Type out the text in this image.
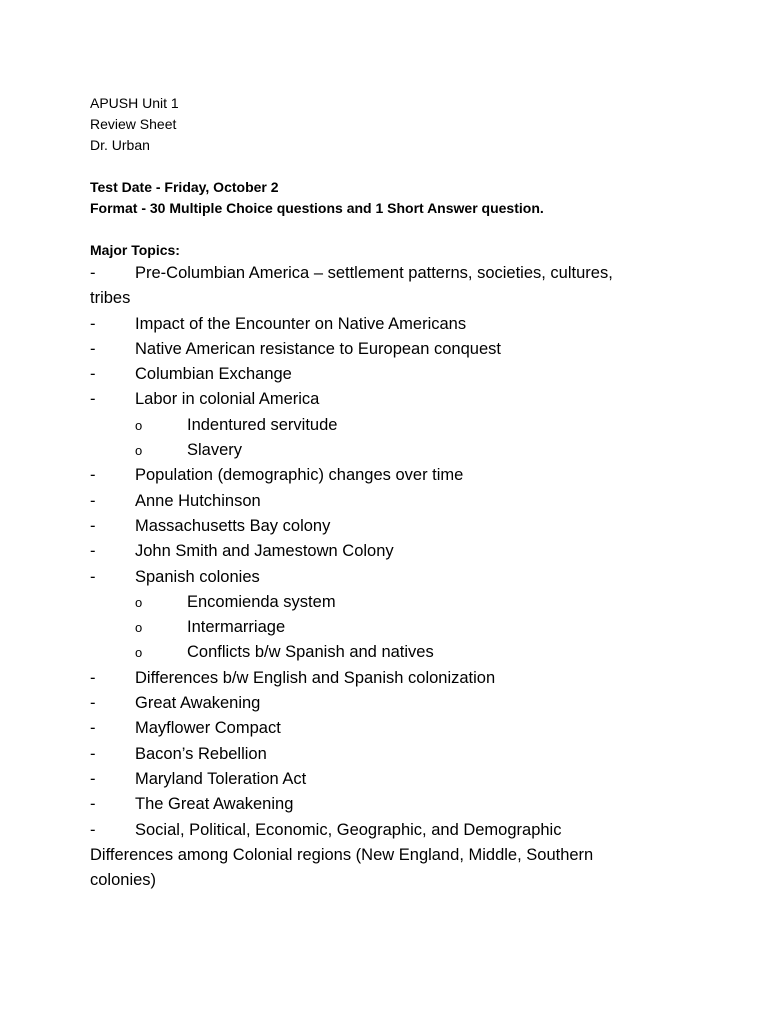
APUSH Unit 1
Review Sheet
Dr. Urban
Test Date - Friday, October 2
Format - 30 Multiple Choice questions and 1 Short Answer question.
Major Topics:
- Pre-Columbian America – settlement patterns, societies, cultures,
tribes
- Impact of the Encounter on Native Americans
- Native American resistance to European conquest
- Columbian Exchange
- Labor in colonial America
o	Indentured servitude
o	Slavery
- Population (demographic) changes over time
- Anne Hutchinson
- Massachusetts Bay colony
- John Smith and Jamestown Colony
- Spanish colonies
o	Encomienda system
o	Intermarriage
o	Conflicts b/w Spanish and natives
- Differences b/w English and Spanish colonization
- Great Awakening
- Mayflower Compact
- Bacon’s Rebellion
- Maryland Toleration Act
- The Great Awakening
- Social, Political, Economic, Geographic, and Demographic
Differences among Colonial regions (New England, Middle, Southern
colonies)
